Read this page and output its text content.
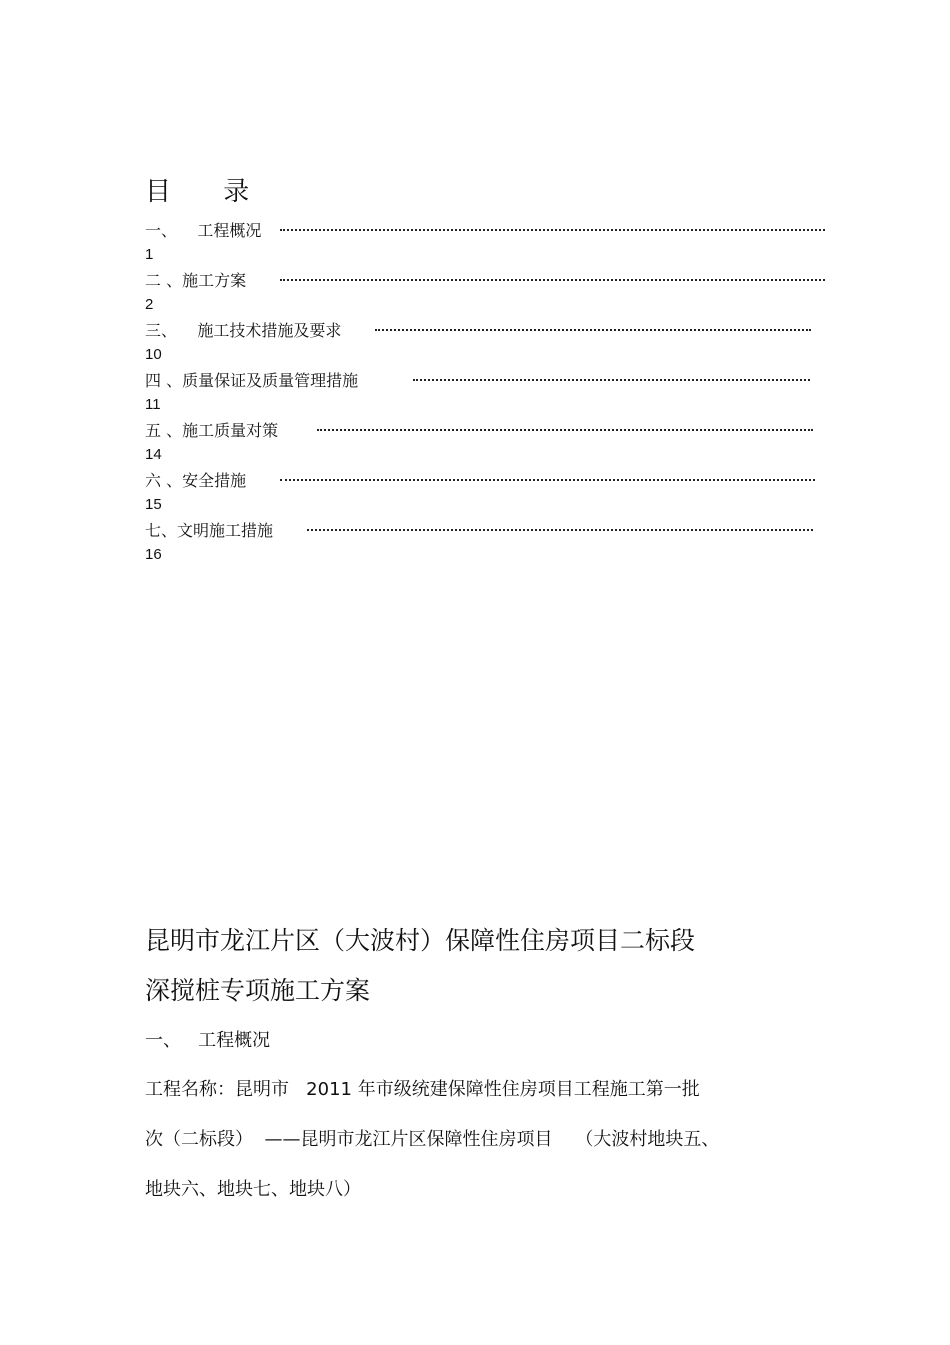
目 录
一、    工程概况
1
二 、施工方案
2
三、    施工技术措施及要求
10
四 、质量保证及质量管理措施
11
五 、施工质量对策
14
六 、安全措施
15
七、文明施工措施
16
昆明市龙江片区（大波村）保障性住房项目二标段
深搅桩专项施工方案
一、   工程概况
工程名称：昆明市   2011 年市级统建保障性住房项目工程施工第一批
次（二标段）  ——昆明市龙江片区保障性住房项目    （大波村地块五、
地块六、地块七、地块八）
